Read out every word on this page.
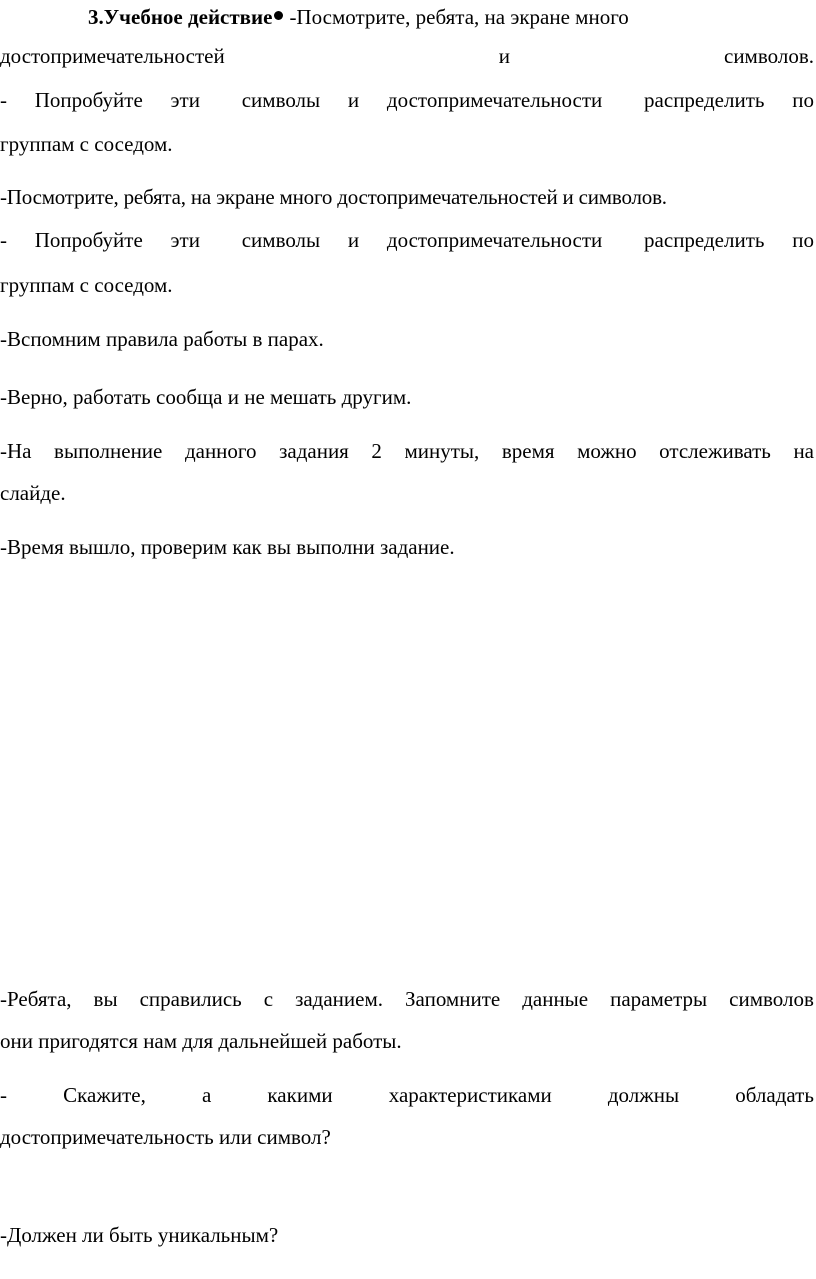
3.Учебное действие -Посмотрите, ребята, на экране много
достопримечательностей	и	символов.
- Попробуйте эти символы и достопримечательности распределить по
группам с соседом.
-Посмотрите, ребята, на экране много достопримечательностей и символов.
- Попробуйте эти символы и достопримечательности распределить по
группам с соседом.
-Вспомним правила работы в парах.
-Верно, работать сообща и не мешать другим.
-На выполнение данного задания 2 минуты, время можно отслеживать на
слайде.
-Время вышло, проверим как вы выполни задание.
-Ребята, вы справились с заданием. Запомните данные параметры символов
они пригодятся нам для дальнейшей работы.
-	Скажите,	а	какими	характеристиками	должны	обладать
достопримечательность или символ?
-Должен ли быть уникальным?
